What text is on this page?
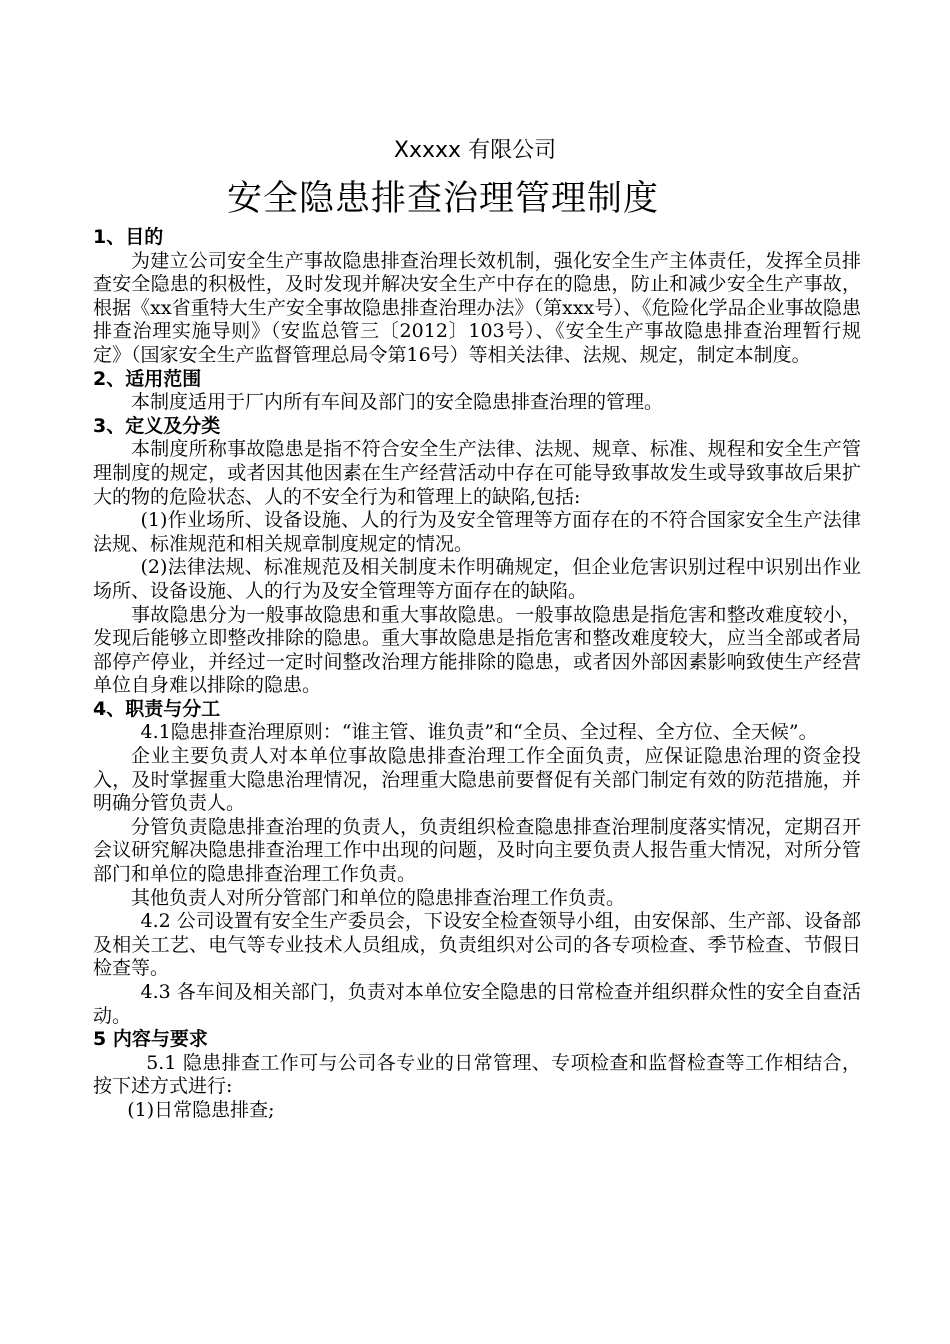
Xxxxx 有限公司
安全隐患排查治理管理制度

1、目的

为建立公司安全生产事故隐患排查治理长效机制，强化安全生产主体责任，发挥全员排查安全隐患的积极性，及时发现并解决安全生产中存在的隐患，防止和减少安全生产事故，根据《xx省重特大生产安全事故隐患排查治理办法》（第xxx号）、《危险化学品企业事故隐患排查治理实施导则》（安监总管三〔2012〕103号）、《安全生产事故隐患排查治理暂行规定》（国家安全生产监督管理总局令第16号）等相关法律、法规、规定，制定本制度。

2、适用范围

本制度适用于厂内所有车间及部门的安全隐患排查治理的管理。

3、定义及分类

本制度所称事故隐患是指不符合安全生产法律、法规、规章、标准、规程和安全生产管理制度的规定，或者因其他因素在生产经营活动中存在可能导致事故发生或导致事故后果扩大的物的危险状态、人的不安全行为和管理上的缺陷,包括:

(1)作业场所、设备设施、人的行为及安全管理等方面存在的不符合国家安全生产法律法规、标准规范和相关规章制度规定的情况。

(2)法律法规、标准规范及相关制度未作明确规定，但企业危害识别过程中识别出作业场所、设备设施、人的行为及安全管理等方面存在的缺陷。

事故隐患分为一般事故隐患和重大事故隐患。一般事故隐患是指危害和整改难度较小，发现后能够立即整改排除的隐患。重大事故隐患是指危害和整改难度较大，应当全部或者局部停产停业，并经过一定时间整改治理方能排除的隐患，或者因外部因素影响致使生产经营单位自身难以排除的隐患。

4、职责与分工

4.1隐患排查治理原则：“谁主管、谁负责”和“全员、全过程、全方位、全天候”。

企业主要负责人对本单位事故隐患排查治理工作全面负责，应保证隐患治理的资金投入，及时掌握重大隐患治理情况，治理重大隐患前要督促有关部门制定有效的防范措施，并明确分管负责人。

分管负责隐患排查治理的负责人，负责组织检查隐患排查治理制度落实情况，定期召开会议研究解决隐患排查治理工作中出现的问题，及时向主要负责人报告重大情况，对所分管部门和单位的隐患排查治理工作负责。

其他负责人对所分管部门和单位的隐患排查治理工作负责。

4.2 公司设置有安全生产委员会，下设安全检查领导小组，由安保部、生产部、设备部及相关工艺、电气等专业技术人员组成，负责组织对公司的各专项检查、季节检查、节假日检查等。

4.3 各车间及相关部门，负责对本单位安全隐患的日常检查并组织群众性的安全自查活动。

5 内容与要求

5.1 隐患排查工作可与公司各专业的日常管理、专项检查和监督检查等工作相结合，按下述方式进行:

(1)日常隐患排查;
